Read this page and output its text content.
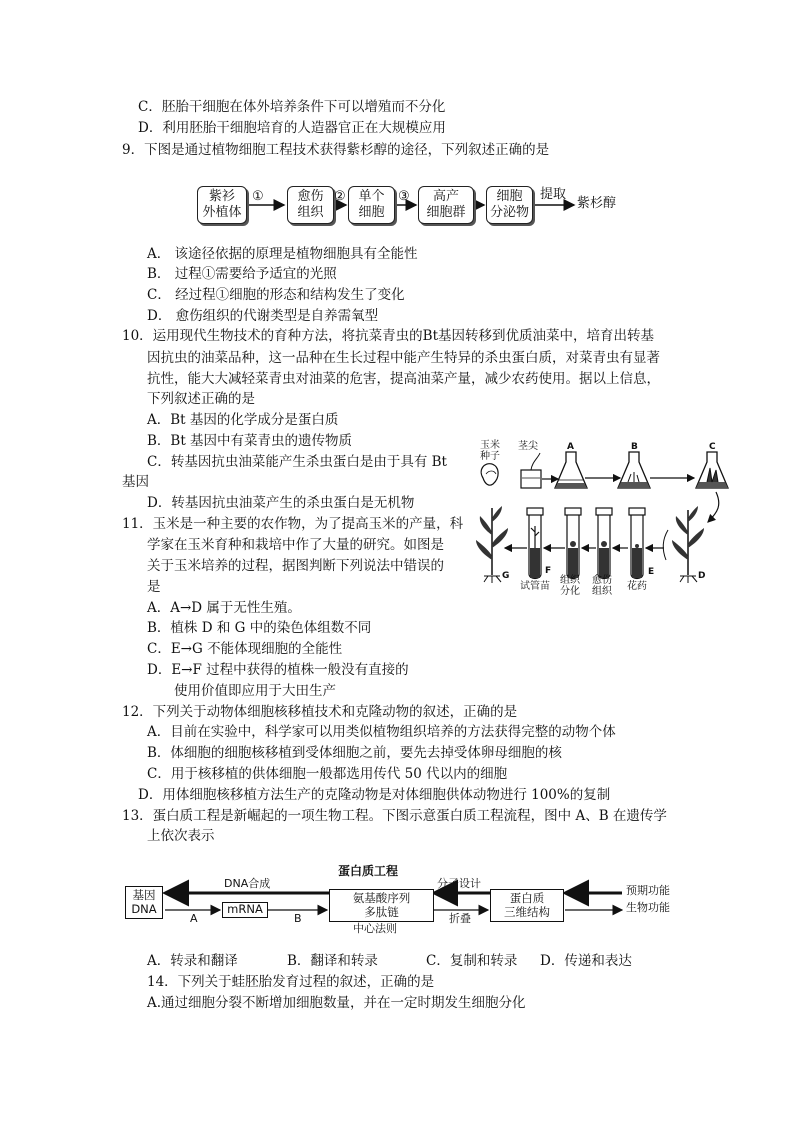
C．胚胎干细胞在体外培养条件下可以增殖而不分化
D．利用胚胎干细胞培育的人造器官正在大规模应用
9．下图是通过植物细胞工程技术获得紫杉醇的途径，下列叙述正确的是
紫衫
外植体
①	愈伤
组织
② 单个
细胞
③	高产
细胞群
细胞
分泌物
提取
紫杉醇
A． 该途径依据的原理是植物细胞具有全能性
B． 过程①需要给予适宜的光照
C． 经过程①细胞的形态和结构发生了变化
D． 愈伤组织的代谢类型是自养需氧型
10．运用现代生物技术的育种方法，将抗菜青虫的Bt基因转移到优质油菜中，培育出转基
因抗虫的油菜品种，这一品种在生长过程中能产生特异的杀虫蛋白质，对菜青虫有显著
抗性，能大大减轻菜青虫对油菜的危害，提高油菜产量，减少农药使用。据以上信息，
下列叙述正确的是
A．Bt 基因的化学成分是蛋白质
B．Bt 基因中有菜青虫的遗传物质
C．转基因抗虫油菜能产生杀虫蛋白是由于具有 Bt
基因
D．转基因抗虫油菜产生的杀虫蛋白是无机物
玉米
种子
茎尖	A	B	C
D
E
F
G
试管苗
组织
分化
愈伤
组织 花药
11．玉米是一种主要的农作物，为了提高玉米的产量，科
学家在玉米育种和栽培中作了大量的研究。如图是
关于玉米培养的过程，据图判断下列说法中错误的
是
A．A→D 属于无性生殖。
B．植株 D 和 G 中的染色体组数不同
C．E→G 不能体现细胞的全能性
D．E→F 过程中获得的植株一般没有直接的
使用价值即应用于大田生产
12．下列关于动物体细胞核移植技术和克隆动物的叙述，正确的是
A．目前在实验中，科学家可以用类似植物组织培养的方法获得完整的动物个体
B．体细胞的细胞核移植到受体细胞之前，要先去掉受体卵母细胞的核
C．用于核移植的供体细胞一般都选用传代 50 代以内的细胞
D．用体细胞核移植方法生产的克隆动物是对体细胞供体动物进行 100%的复制
13．蛋白质工程是新崛起的一项生物工程。下图示意蛋白质工程流程，图中 A、B 在遗传学
上依次表示
蛋白质工程
基因
DNA
DNA合成
mRNA
A	B
氨基酸序列
多肽链
中心法则
分子设计
折叠
蛋白质
三维结构
预期功能
生物功能
A．转录和翻译	B．翻译和转录	C．复制和转录 D．传递和表达
14．下列关于蛙胚胎发育过程的叙述，正确的是
A.通过细胞分裂不断增加细胞数量，并在一定时期发生细胞分化
